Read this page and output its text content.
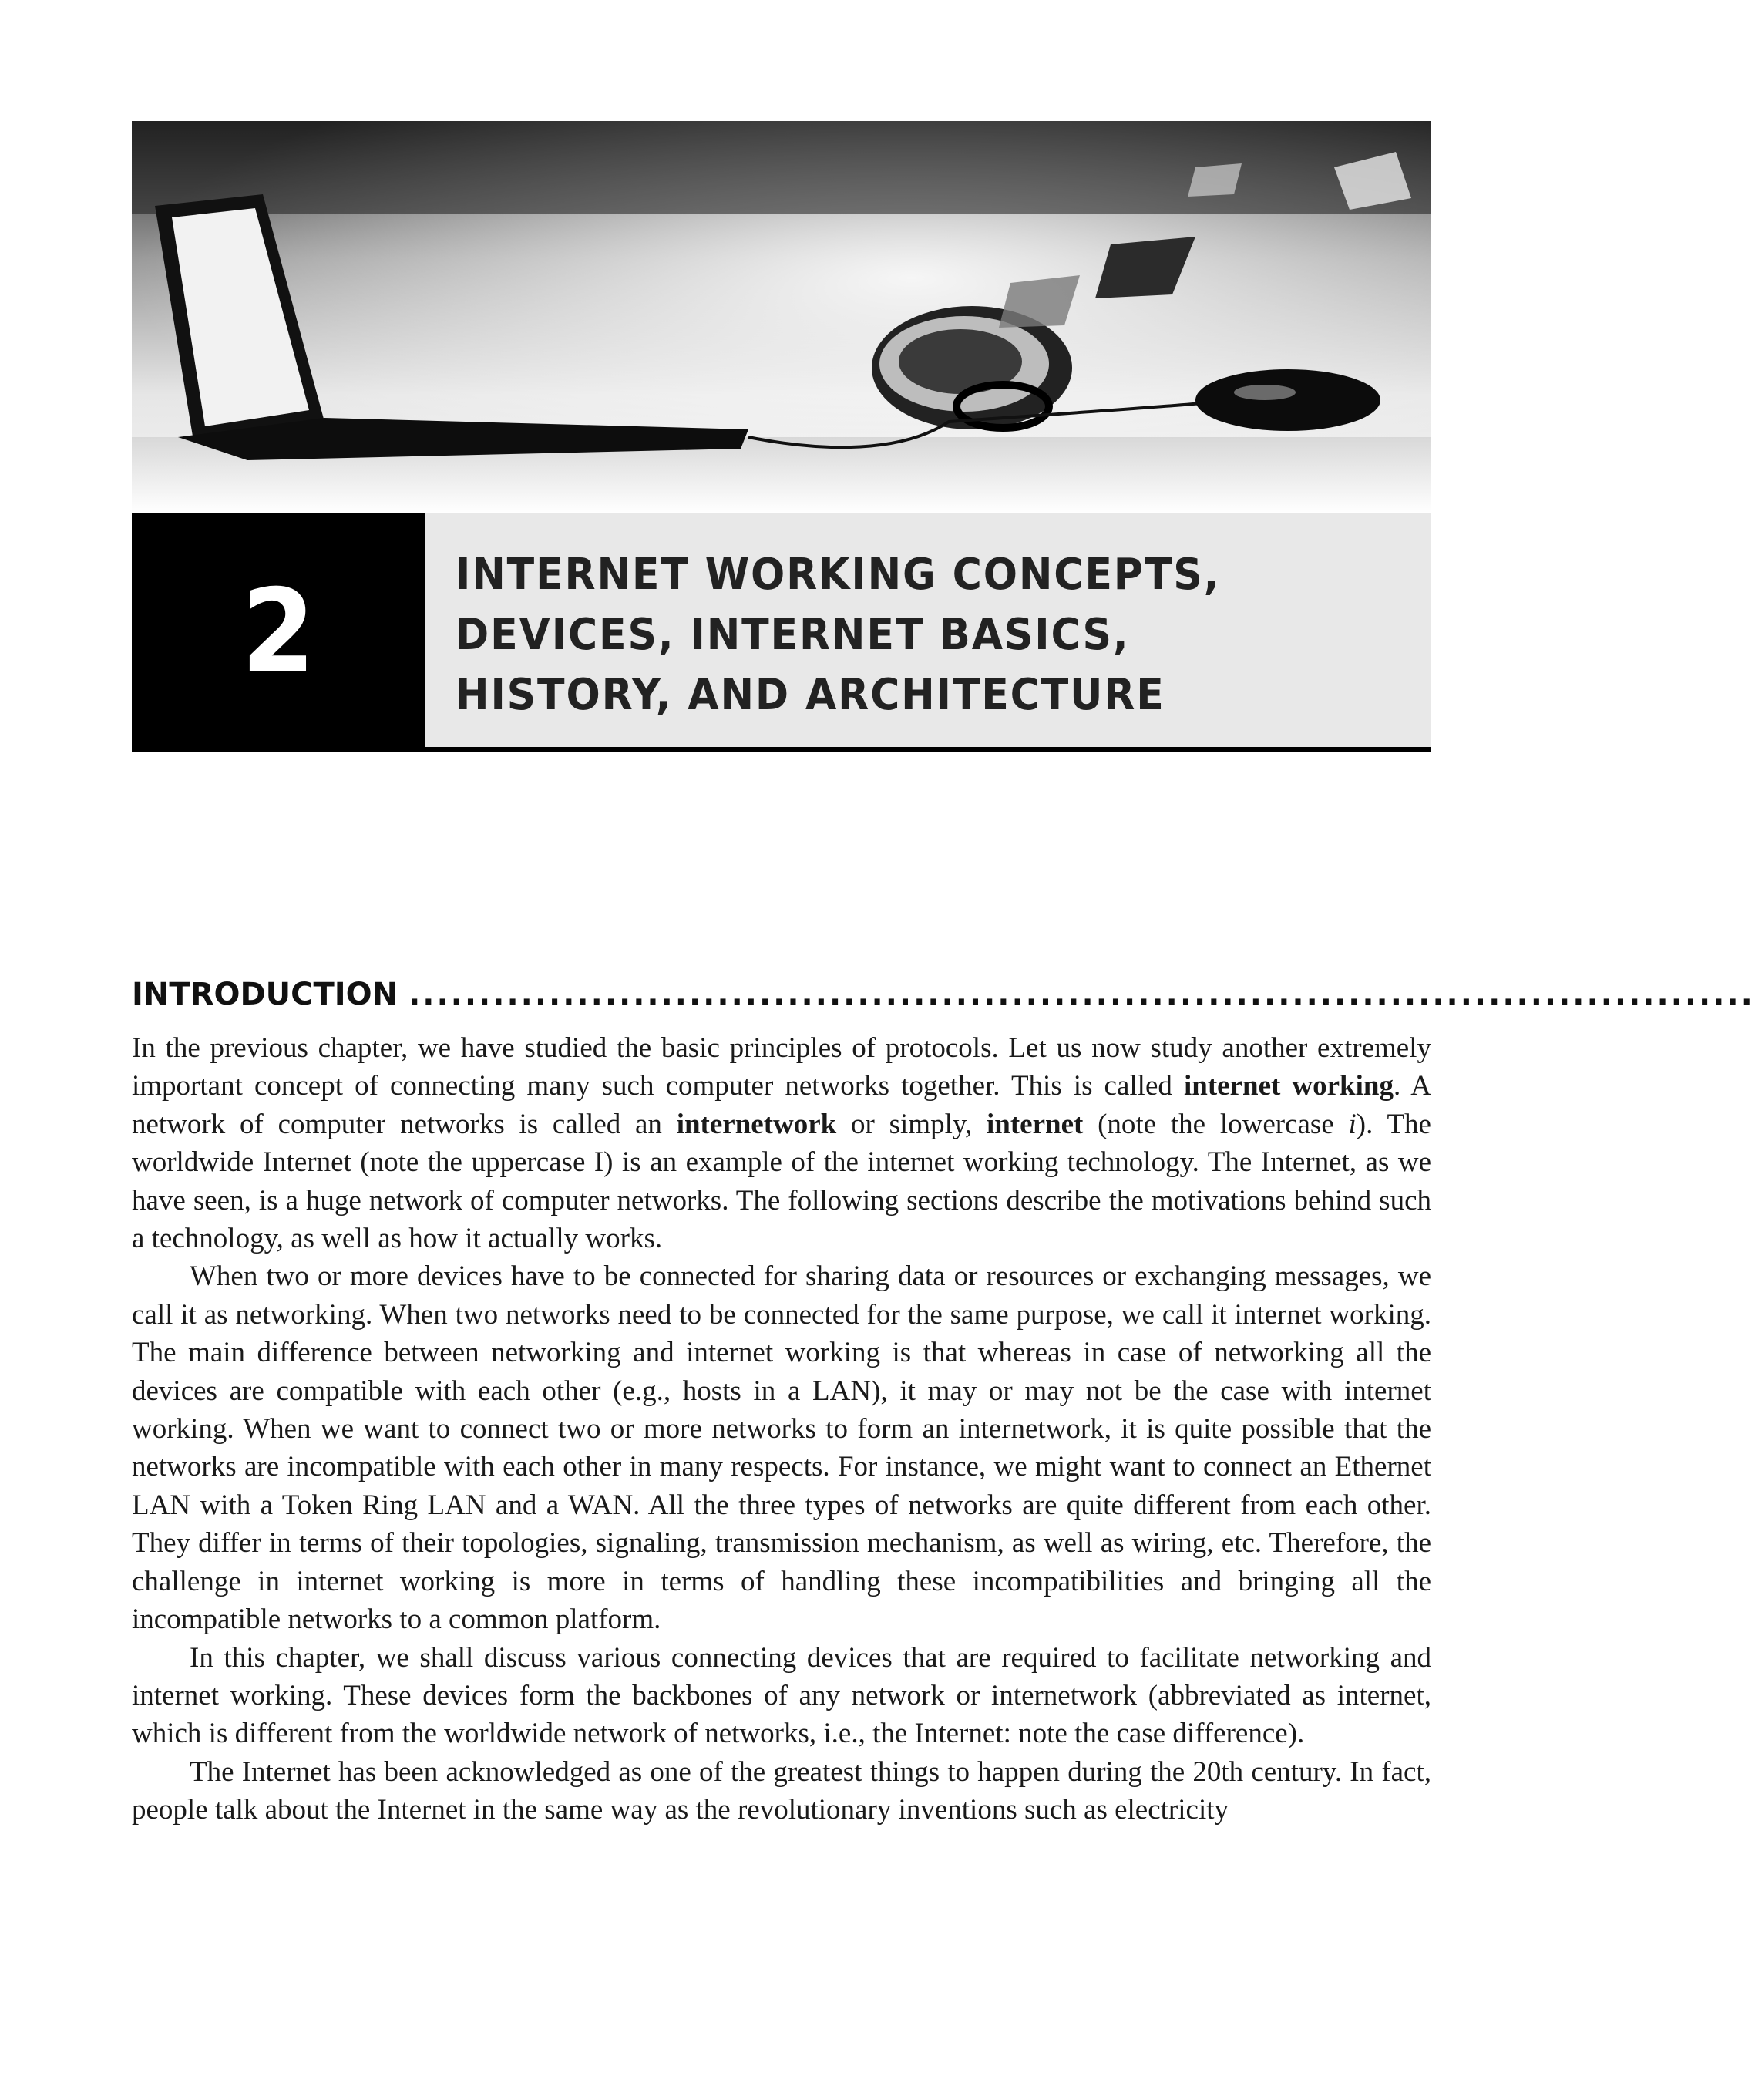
2	INTERNET WORKING CONCEPTS,
DEVICES, INTERNET BASICS,
HISTORY, AND ARCHITECTURE
INTRODUCTION ................................................................................................

In the previous chapter, we have studied the basic principles of protocols. Let us now study another extremely important concept of connecting many such computer networks together. This is called internet working. A network of computer networks is called an internetwork or simply, internet (note the lowercase i). The worldwide Internet (note the uppercase I) is an example of the internet working technology. The Internet, as we have seen, is a huge network of computer networks. The following sections describe the motivations behind such a technology, as well as how it actually works.

When two or more devices have to be connected for sharing data or resources or exchanging messages, we call it as networking. When two networks need to be connected for the same purpose, we call it internet working. The main difference between networking and internet working is that whereas in case of networking all the devices are compatible with each other (e.g., hosts in a LAN), it may or may not be the case with internet working. When we want to connect two or more networks to form an internetwork, it is quite possible that the networks are incompatible with each other in many respects. For instance, we might want to connect an Ethernet LAN with a Token Ring LAN and a WAN. All the three types of networks are quite different from each other. They differ in terms of their topologies, signaling, transmission mechanism, as well as wiring, etc. Therefore, the challenge in internet working is more in terms of handling these incompatibilities and bringing all the incompatible networks to a common platform.

In this chapter, we shall discuss various connecting devices that are required to facilitate networking and internet working. These devices form the backbones of any network or internetwork (abbreviated as internet, which is different from the worldwide network of networks, i.e., the Internet: note the case difference).

The Internet has been acknowledged as one of the greatest things to happen during the 20th century. In fact, people talk about the Internet in the same way as the revolutionary inventions such as electricity
